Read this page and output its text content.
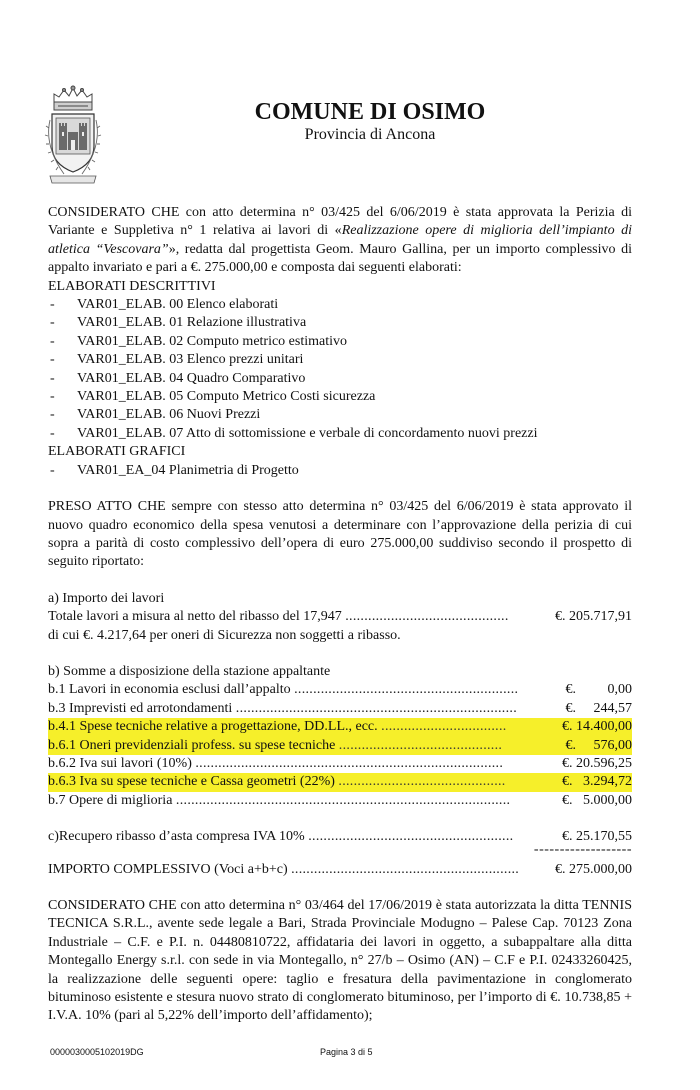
COMUNE DI OSIMO
Provincia di Ancona
CONSIDERATO CHE con atto determina n° 03/425 del 6/06/2019 è stata approvata la Perizia di Variante e Suppletiva n° 1 relativa ai lavori di «Realizzazione opere di miglioria dell’impianto di atletica “Vescovara”», redatta dal progettista Geom. Mauro Gallina, per un importo complessivo di appalto invariato e pari a €. 275.000,00 e composta dai seguenti elaborati:
ELABORATI DESCRITTIVI
- VAR01_ELAB. 00 Elenco elaborati
- VAR01_ELAB. 01 Relazione illustrativa
- VAR01_ELAB. 02 Computo metrico estimativo
- VAR01_ELAB. 03 Elenco prezzi unitari
- VAR01_ELAB. 04 Quadro Comparativo
- VAR01_ELAB. 05 Computo Metrico Costi sicurezza
- VAR01_ELAB. 06 Nuovi Prezzi
- VAR01_ELAB. 07 Atto di sottomissione e verbale di concordamento nuovi prezzi
ELABORATI GRAFICI
- VAR01_EA_04 Planimetria di Progetto
PRESO ATTO CHE sempre con stesso atto determina n° 03/425 del 6/06/2019 è stata approvato il nuovo quadro economico della spesa venutosi a determinare con l’approvazione della perizia di cui sopra a parità di costo complessivo dell’opera di euro 275.000,00 suddiviso secondo il prospetto di seguito riportato:
a) Importo dei lavori
Totale lavori a misura al netto del ribasso del 17,947 ...........................................	€. 205.717,91
di cui €. 4.217,64 per oneri di Sicurezza non soggetti a ribasso.
b) Somme a disposizione della stazione appaltante
b.1 Lavori in economia esclusi dall’appalto ...........................................................	€.         0,00
b.3 Imprevisti ed arrotondamenti ..........................................................................	€.     244,57
b.4.1 Spese tecniche relative a progettazione, DD.LL., ecc. .................................	€. 14.400,00
b.6.1 Oneri previdenziali profess. su spese tecniche ...........................................	€.     576,00
b.6.2 Iva sui lavori (10%) .................................................................................	€. 20.596,25
b.6.3 Iva su spese tecniche e Cassa geometri (22%) ............................................	€.   3.294,72
b.7 Opere di miglioria ........................................................................................	€.   5.000,00
c)Recupero ribasso d’asta compresa IVA 10% ......................................................	€. 25.170,55
-------------------
IMPORTO COMPLESSIVO (Voci a+b+c) ............................................................	€. 275.000,00
CONSIDERATO CHE con atto determina n° 03/464 del 17/06/2019 è stata autorizzata la ditta TENNIS TECNICA S.R.L., avente sede legale a Bari, Strada Provinciale Modugno – Palese Cap. 70123 Zona Industriale – C.F. e P.I. n. 04480810722, affidataria dei lavori in oggetto, a subappaltare alla ditta Montegallo Energy s.r.l. con sede in via Montegallo, n° 27/b – Osimo (AN) – C.F e P.I. 02433260425, la realizzazione delle seguenti opere: taglio e fresatura della pavimentazione in conglomerato bituminoso esistente e stesura nuovo strato di conglomerato bituminoso, per l’importo di €. 10.738,85 + I.V.A. 10% (pari al 5,22% dell’importo dell’affidamento);
0000030005102019DG	Pagina 3 di 5
